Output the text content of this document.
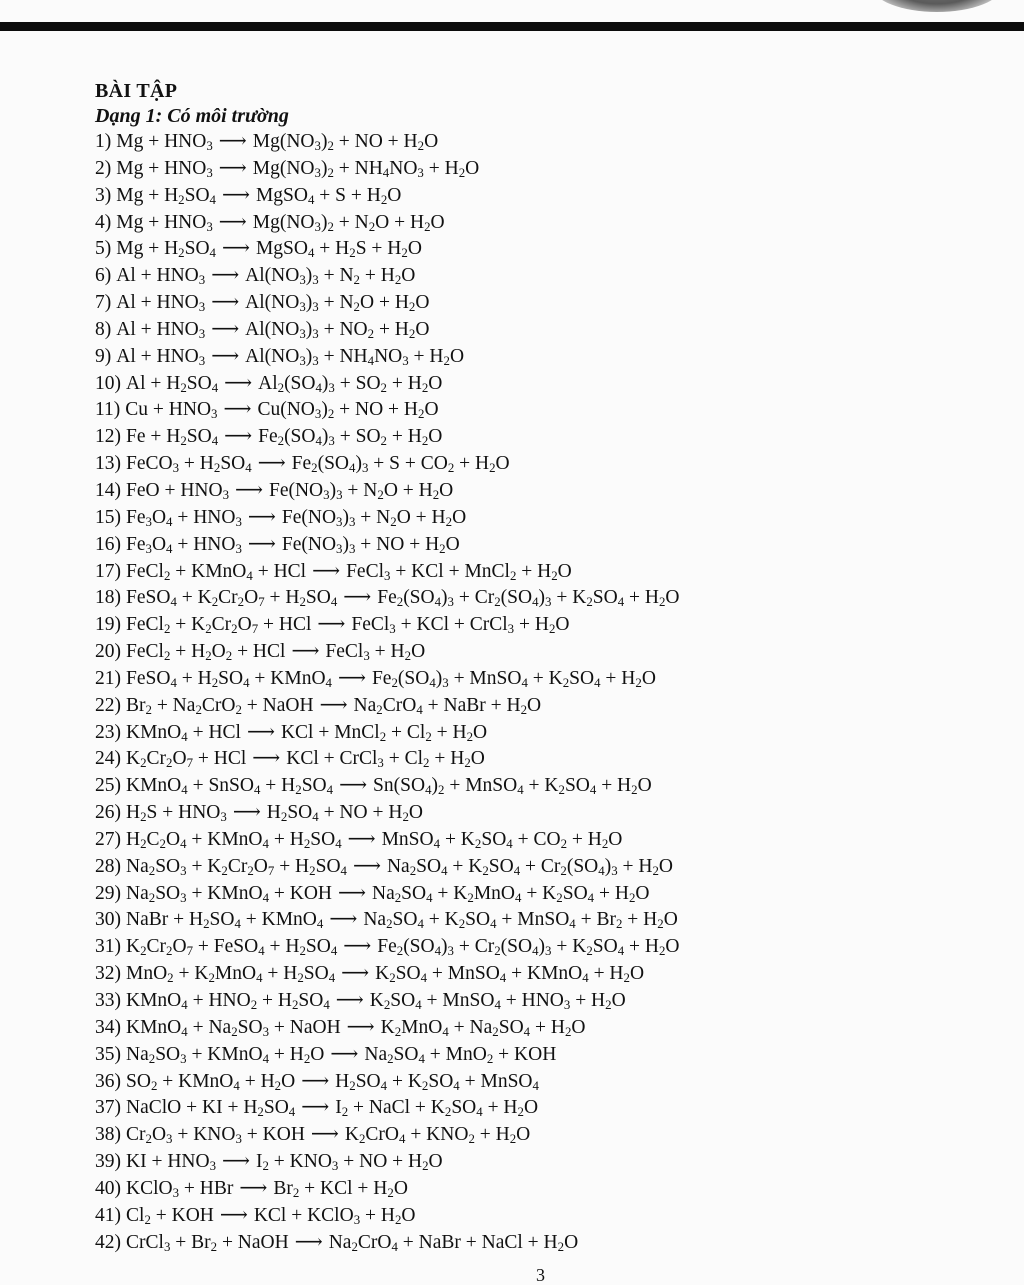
BÀI TẬP
Dạng 1: Có môi trường
1) $Mg + HNO_3$ ⟶ $Mg(NO_3)_2$ + NO + $H_2O$
2) $Mg + HNO_3$ ⟶ $Mg(NO_3)_2 + NH_4NO_3 + H_2O$
3) $Mg + H_2SO_4$ ⟶ MgSO$_4$ + $S + H_2O$
4) $Mg + HNO_3$ ⟶ $Mg(NO_3)_2 + N_2O + H_2O$
5) $Mg + H_2SO_4$ ⟶ MgSO$_4$ + $H_2S + H_2O$
6) $Al + HNO_3$ ⟶ $Al(NO_3)_3 + N_2 + H_2O$
7) $Al + HNO_3$ ⟶ $Al(NO_3)_3 + N_2O + H_2O$
8) $Al + HNO_3$ ⟶ $Al(NO_3)_3 + NO_2 + H_2O$
9) $Al + HNO_3$ ⟶ $Al(NO_3)_3 + NH_4NO_3 + H_2O$
10) $Al + H_2SO_4$ ⟶ $Al_2(SO_4)_3 + SO_2 + H_2O$
11) $Cu + HNO_3$ ⟶ $Cu(NO_3)_2$ + NO + $H_2O$
12) $Fe + H_2SO_4$ ⟶ $Fe_2(SO_4)_3 + SO_2 + H_2O$
13) FeCO$_3$ + $H_2SO_4$ ⟶ $Fe_2(SO_4)_3 + S + CO_2 + H_2O$
14) FeO + $HNO_3$ ⟶ $Fe(NO_3)_3 + N_2O + H_2O$
15) $Fe_3O_4 + HNO_3$ ⟶ $Fe(NO_3)_3 + N_2O + H_2O$
16) $Fe_3O_4 + HNO_3$ ⟶ $Fe(NO_3)_3$ + NO + $H_2O$
17) FeCl$_2$ + KMnO$_4$ + HCl ⟶ FeCl$_3$ + KCl + MnCl$_2$ + $H_2O$
18) FeSO$_4$ + $K_2Cr_2O_7 + H_2SO_4$ ⟶ $Fe_2(SO_4)_3 + Cr_2(SO_4)_3 + K_2SO_4 + H_2O$
19) FeCl$_2$ + $K_2Cr_2O_7$ + HCl ⟶ FeCl$_3$ + KCl + CrCl$_3$ + $H_2O$
20) FeCl$_2$ + $H_2O_2$ + HCl ⟶ FeCl$_3$ + $H_2O$
21) FeSO$_4$ + $H_2SO_4$ + KMnO$_4$ ⟶ $Fe_2(SO_4)_3$ + MnSO$_4$ + $K_2SO_4 + H_2O$
22) $Br_2 + Na_2CrO_2$ + NaOH ⟶ $Na_2CrO_4$ + NaBr + $H_2O$
23) KMnO$_4$ + HCl ⟶ KCl + MnCl$_2$ + $Cl_2 + H_2O$
24) $K_2Cr_2O_7$ + HCl ⟶ KCl + CrCl$_3$ + $Cl_2 + H_2O$
25) KMnO$_4$ + SnSO$_4$ + $H_2SO_4$ ⟶ $Sn(SO_4)_2$ + MnSO$_4$ + $K_2SO_4 + H_2O$
26) $H_2S + HNO_3$ ⟶ $H_2SO_4$ + NO + $H_2O$
27) $H_2C_2O_4$ + KMnO$_4$ + $H_2SO_4$ ⟶ MnSO$_4$ + $K_2SO_4 + CO_2 + H_2O$
28) $Na_2SO_3 + K_2Cr_2O_7 + H_2SO_4$ ⟶ $Na_2SO_4 + K_2SO_4 + Cr_2(SO_4)_3 + H_2O$
29) $Na_2SO_3$ + KMnO$_4$ + KOH ⟶ $Na_2SO_4 + K_2MnO_4 + K_2SO_4 + H_2O$
30) NaBr + $H_2SO_4$ + KMnO$_4$ ⟶ $Na_2SO_4 + K_2SO_4$ + MnSO$_4$ + $Br_2 + H_2O$
31) $K_2Cr_2O_7$ + FeSO$_4$ + $H_2SO_4$ ⟶ $Fe_2(SO_4)_3 + Cr_2(SO_4)_3 + K_2SO_4 + H_2O$
32) $MnO_2 + K_2MnO_4 + H_2SO_4$ ⟶ $K_2SO_4$ + MnSO$_4$ + KMnO$_4$ + $H_2O$
33) KMnO$_4$ + $HNO_2 + H_2SO_4$ ⟶ $K_2SO_4$ + MnSO$_4$ + $HNO_3 + H_2O$
34) KMnO$_4$ + $Na_2SO_3$ + NaOH ⟶ $K_2MnO_4 + Na_2SO_4 + H_2O$
35) $Na_2SO_3$ + KMnO$_4$ + $H_2O$ ⟶ $Na_2SO_4 + MnO_2$ + KOH
36) $SO_2$ + KMnO$_4$ + $H_2O$ ⟶ $H_2SO_4 + K_2SO_4$ + MnSO$_4$
37) NaClO + KI + $H_2SO_4$ ⟶ $I_2$ + NaCl + $K_2SO_4 + H_2O$
38) $Cr_2O_3 + KNO_3$ + KOH ⟶ $K_2CrO_4 + KNO_2 + H_2O$
39) KI + $HNO_3$ ⟶ $I_2 + KNO_3$ + NO + $H_2O$
40) KClO$_3$ + HBr ⟶ $Br_2$ + KCl + $H_2O$
41) $Cl_2$ + KOH ⟶ KCl + KClO$_3$ + $H_2O$
42) CrCl$_3$ + $Br_2$ + NaOH ⟶ $Na_2CrO_4$ + NaBr + NaCl + $H_2O$
3
